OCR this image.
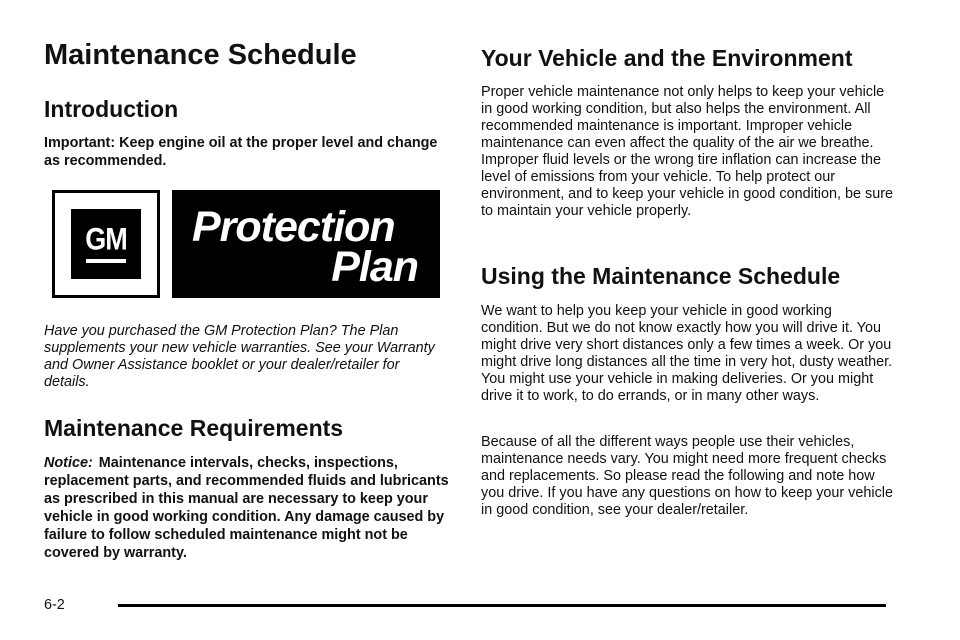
Maintenance Schedule
Introduction

Important: Keep engine oil at the proper level and change as recommended.

GM Protection
Plan

Have you purchased the GM Protection Plan? The Plan supplements your new vehicle warranties. See your Warranty and Owner Assistance booklet or your dealer/retailer for details.

Maintenance Requirements

Notice: Maintenance intervals, checks, inspections, replacement parts, and recommended fluids and lubricants as prescribed in this manual are necessary to keep your vehicle in good working condition. Any damage caused by failure to follow scheduled maintenance might not be covered by warranty.

Your Vehicle and the Environment

Proper vehicle maintenance not only helps to keep your vehicle in good working condition, but also helps the environment. All recommended maintenance is important. Improper vehicle maintenance can even affect the quality of the air we breathe. Improper fluid levels or the wrong tire inflation can increase the level of emissions from your vehicle. To help protect our environment, and to keep your vehicle in good condition, be sure to maintain your vehicle properly.

Using the Maintenance Schedule

We want to help you keep your vehicle in good working condition. But we do not know exactly how you will drive it. You might drive very short distances only a few times a week. Or you might drive long distances all the time in very hot, dusty weather. You might use your vehicle in making deliveries. Or you might drive it to work, to do errands, or in many other ways.

Because of all the different ways people use their vehicles, maintenance needs vary. You might need more frequent checks and replacements. So please read the following and note how you drive. If you have any questions on how to keep your vehicle in good condition, see your dealer/retailer.

6-2
